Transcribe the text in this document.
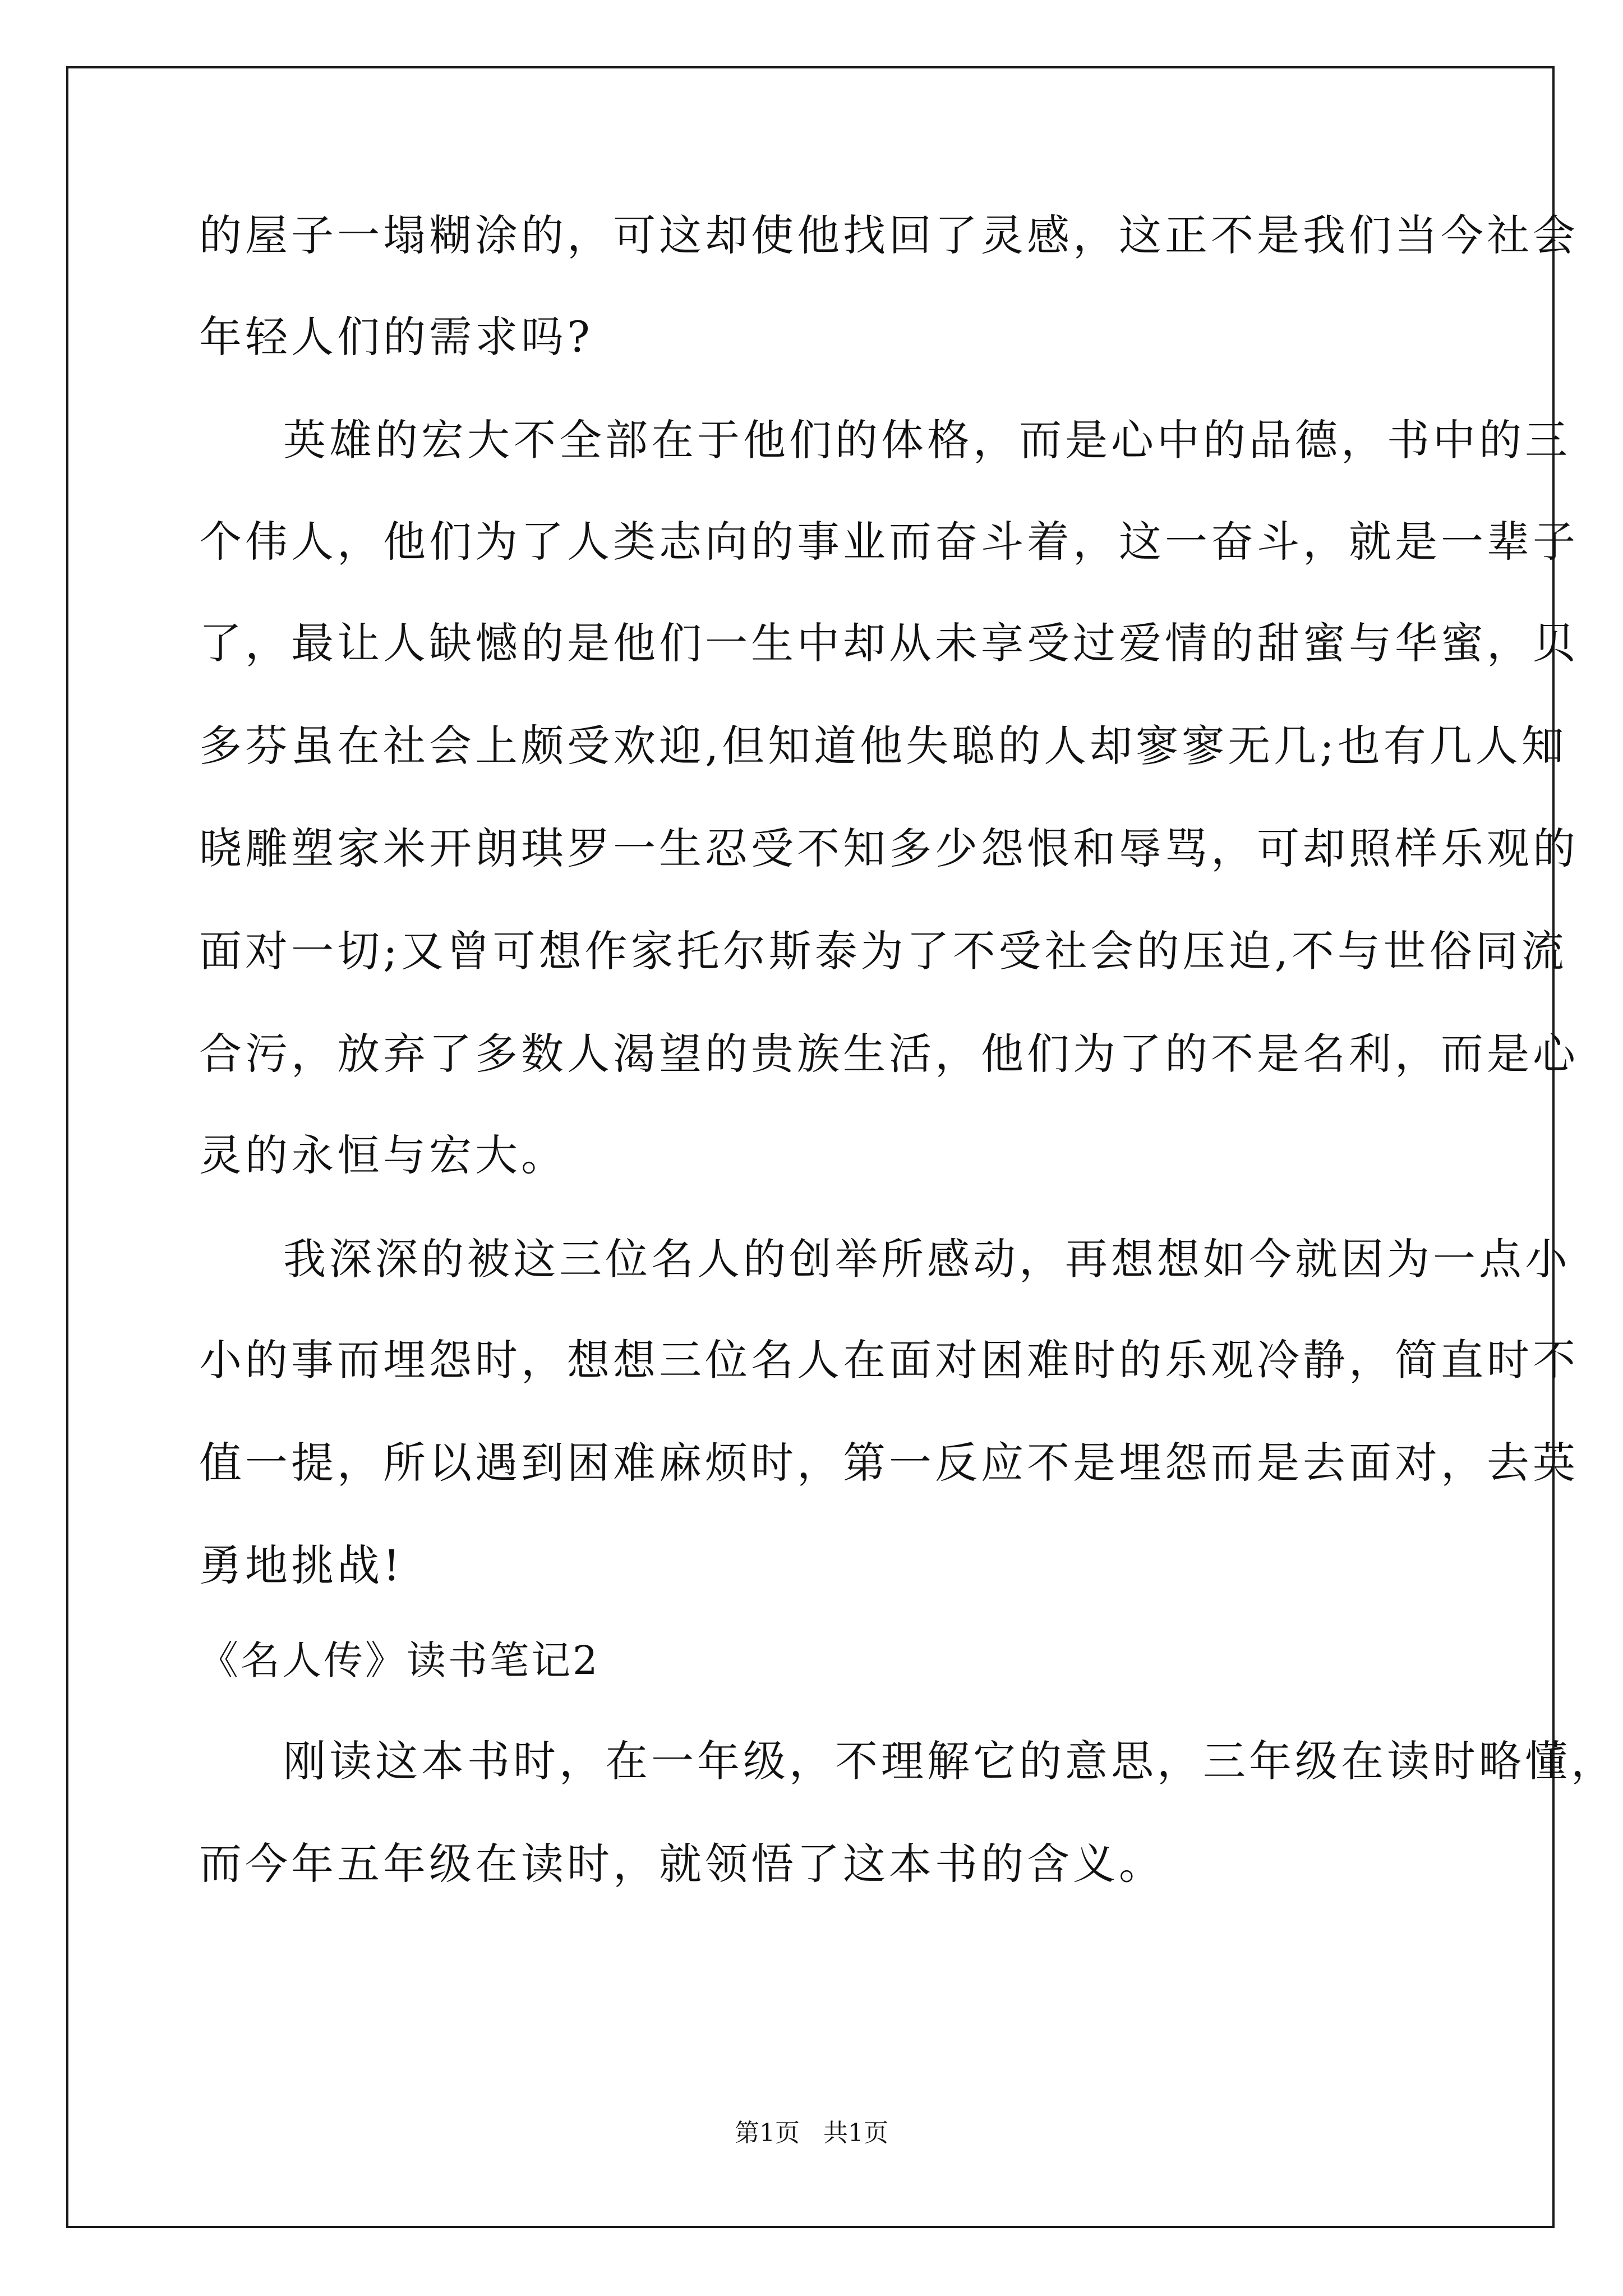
的屋子一塌糊涂的，可这却使他找回了灵感，这正不是我们当今社会
年轻人们的需求吗?
英雄的宏大不全部在于他们的体格，而是心中的品德，书中的三
个伟人，他们为了人类志向的事业而奋斗着，这一奋斗，就是一辈子
了，最让人缺憾的是他们一生中却从未享受过爱情的甜蜜与华蜜，贝
多芬虽在社会上颇受欢迎,但知道他失聪的人却寥寥无几;也有几人知
晓雕塑家米开朗琪罗一生忍受不知多少怨恨和辱骂，可却照样乐观的
面对一切;又曾可想作家托尔斯泰为了不受社会的压迫,不与世俗同流
合污，放弃了多数人渴望的贵族生活，他们为了的不是名利，而是心
灵的永恒与宏大。
我深深的被这三位名人的创举所感动，再想想如今就因为一点小
小的事而埋怨时，想想三位名人在面对困难时的乐观冷静，简直时不
值一提，所以遇到困难麻烦时，第一反应不是埋怨而是去面对，去英
勇地挑战!
《名人传》读书笔记2
刚读这本书时，在一年级，不理解它的意思，三年级在读时略懂，
而今年五年级在读时，就领悟了这本书的含义。
第1页   共1页
